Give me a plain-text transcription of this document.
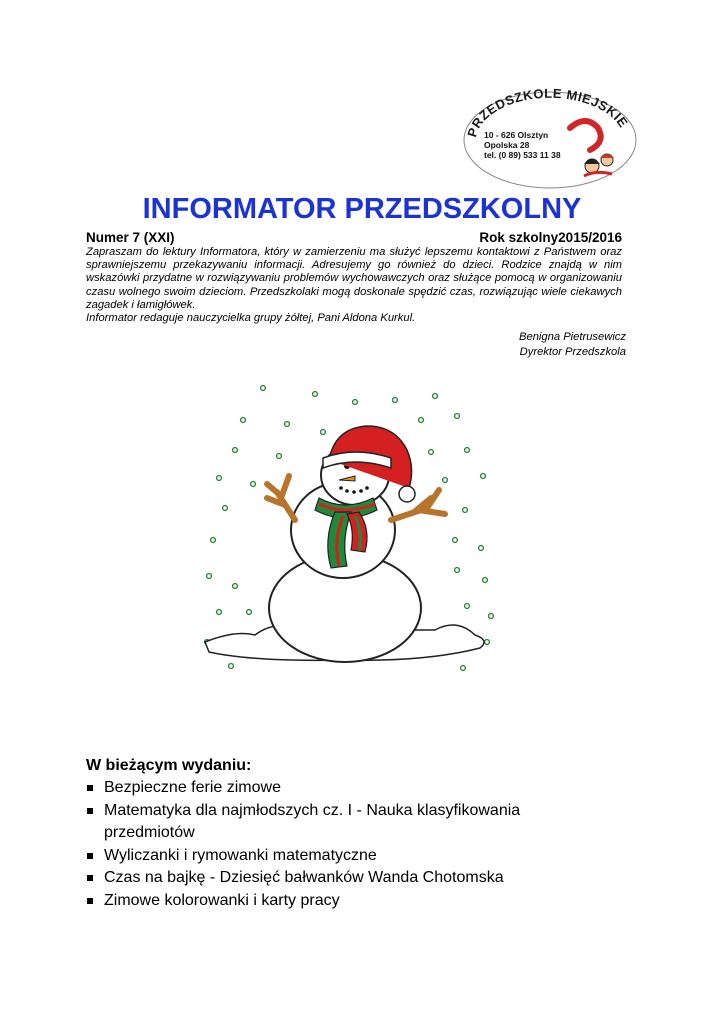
PRZEDSZKOLE MIEJSKIE
10 - 626 Olsztyn
Opolska 28
tel. (0 89) 533 11 38
INFORMATOR PRZEDSZKOLNY
Numer 7 (XXI)	Rok szkolny2015/2016

Zapraszam do lektury Informatora, który w zamierzeniu ma służyć lepszemu kontaktowi z Państwem oraz sprawniejszemu przekazywaniu informacji. Adresujemy go również do dzieci. Rodzice znajdą w nim wskazówki przydatne w rozwiązywaniu problemów wychowawczych oraz służące pomocą w organizowaniu czasu wolnego swoim dzieciom. Przedszkolaki mogą doskonale spędzić czas, rozwiązując wiele ciekawych zagadek i łamigłówek.

Informator redaguje nauczycielka grupy żółtej, Pani Aldona Kurkul.

Benigna Pietrusewicz
Dyrektor Przedszkola
W bieżącym wydaniu:
Bezpieczne ferie zimowe
Matematyka dla najmłodszych cz. I - Nauka klasyfikowania przedmiotów
Wyliczanki i rymowanki matematyczne
Czas na bajkę - Dziesięć bałwanków Wanda Chotomska
Zimowe kolorowanki i karty pracy
